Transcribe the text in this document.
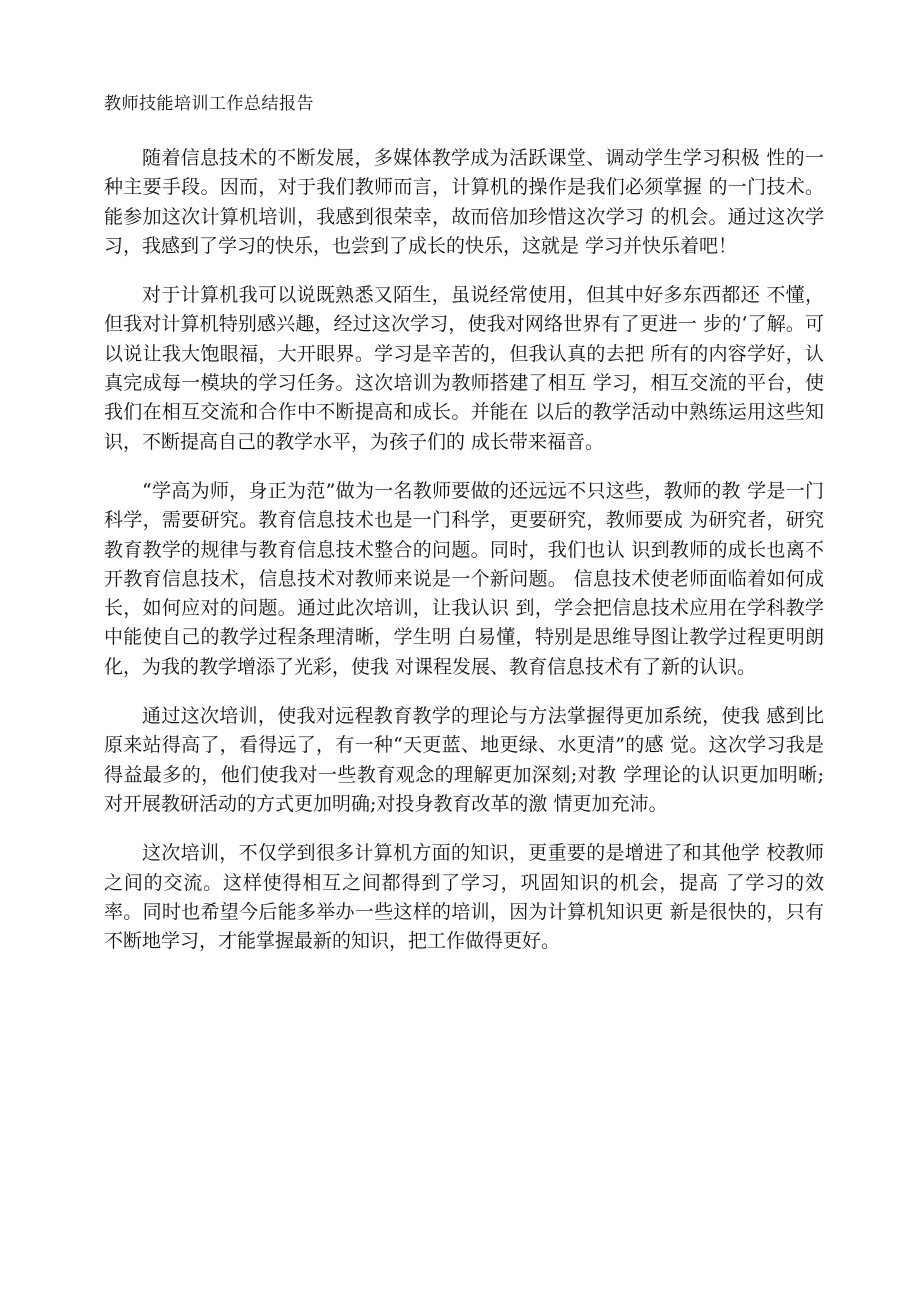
教师技能培训工作总结报告

随着信息技术的不断发展，多媒体教学成为活跃课堂、调动学生学习积极 性的一种主要手段。因而，对于我们教师而言，计算机的操作是我们必须掌握 的一门技术。能参加这次计算机培训，我感到很荣幸，故而倍加珍惜这次学习 的机会。通过这次学习，我感到了学习的快乐，也尝到了成长的快乐，这就是 学习并快乐着吧！

对于计算机我可以说既熟悉又陌生，虽说经常使用，但其中好多东西都还 不懂，但我对计算机特别感兴趣，经过这次学习，使我对网络世界有了更进一 步的‘了解。可以说让我大饱眼福，大开眼界。学习是辛苦的，但我认真的去把 所有的内容学好，认真完成每一模块的学习任务。这次培训为教师搭建了相互 学习，相互交流的平台，使我们在相互交流和合作中不断提高和成长。并能在 以后的教学活动中熟练运用这些知识，不断提高自己的教学水平，为孩子们的 成长带来福音。

“学高为师，身正为范”做为一名教师要做的还远远不只这些，教师的教 学是一门科学，需要研究。教育信息技术也是一门科学，更要研究，教师要成 为研究者，研究教育教学的规律与教育信息技术整合的问题。同时，我们也认 识到教师的成长也离不开教育信息技术，信息技术对教师来说是一个新问题。 信息技术使老师面临着如何成长，如何应对的问题。通过此次培训，让我认识 到，学会把信息技术应用在学科教学中能使自己的教学过程条理清晰，学生明 白易懂，特别是思维导图让教学过程更明朗化，为我的教学增添了光彩，使我 对课程发展、教育信息技术有了新的认识。

通过这次培训，使我对远程教育教学的理论与方法掌握得更加系统，使我 感到比原来站得高了，看得远了，有一种“天更蓝、地更绿、水更清”的感 觉。这次学习我是得益最多的，他们使我对一些教育观念的理解更加深刻;对教 学理论的认识更加明晰;对开展教研活动的方式更加明确;对投身教育改革的激 情更加充沛。

这次培训，不仅学到很多计算机方面的知识，更重要的是增进了和其他学 校教师之间的交流。这样使得相互之间都得到了学习，巩固知识的机会，提高 了学习的效率。同时也希望今后能多举办一些这样的培训，因为计算机知识更 新是很快的，只有不断地学习，才能掌握最新的知识，把工作做得更好。
